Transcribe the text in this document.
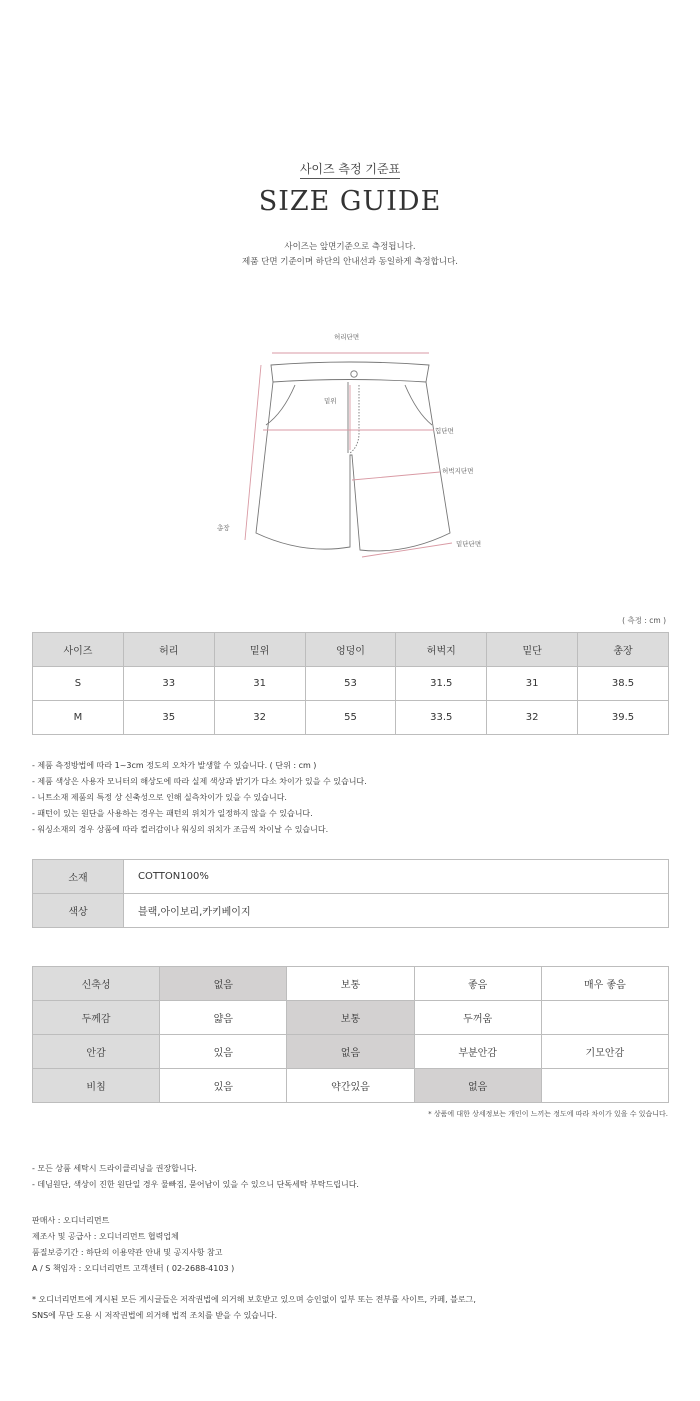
사이즈 측정 기준표
SIZE GUIDE
사이즈는 앞면기준으로 측정됩니다.
제품 단면 기준이며 하단의 안내선과 동일하게 측정합니다.
허리단면
밑위
힙단면
허벅지단면
총장
밑단단면
( 측정 : cm )
사이즈	허리	밑위	엉덩이	허벅지	밑단	총장
S	33	31	53	31.5	31	38.5
M	35	32	55	33.5	32	39.5
- 제품 측정방법에 따라 1~3cm 정도의 오차가 발생할 수 있습니다. ( 단위 : cm )
- 제품 색상은 사용자 모니터의 해상도에 따라 실제 색상과 밝기가 다소 차이가 있을 수 있습니다.
- 니트소재 제품의 특정 상 신축성으로 인해 실측차이가 있을 수 있습니다.
- 패턴이 있는 원단을 사용하는 경우는 패턴의 위치가 일정하지 않을 수 있습니다.
- 워싱소재의 경우 상품에 따라 컬러감이나 워싱의 위치가 조금씩 차이날 수 있습니다.
소재	COTTON100%
색상	블랙,아이보리,카키베이지
신축성	없음	보통	좋음	매우 좋음
두께감	얇음	보통	두꺼움	
안감	있음	없음	부분안감	기모안감
비침	있음	약간있음	없음	
* 상품에 대한 상세정보는 개인이 느끼는 정도에 따라 차이가 있을 수 있습니다.
- 모든 상품 세탁시 드라이클리닝을 권장합니다.
- 데님원단, 색상이 진한 원단일 경우 물빠짐, 묻어남이 있을 수 있으니 단독세탁 부탁드립니다.
판매사 : 오디너리먼트
제조사 및 공급사 : 오디너리먼트 협력업체
품질보증기간 : 하단의 이용약관 안내 및 공지사항 참고
A / S 책임자 : 오디너리먼트 고객센터 ( 02-2688-4103 )
* 오디너리먼트에 게시된 모든 게시글들은 저작권법에 의거해 보호받고 있으며 승인없이 일부 또는 전부를 사이트, 카페, 블로그,
SNS에 무단 도용 시 저작권법에 의거해 법적 조치를 받을 수 있습니다.
